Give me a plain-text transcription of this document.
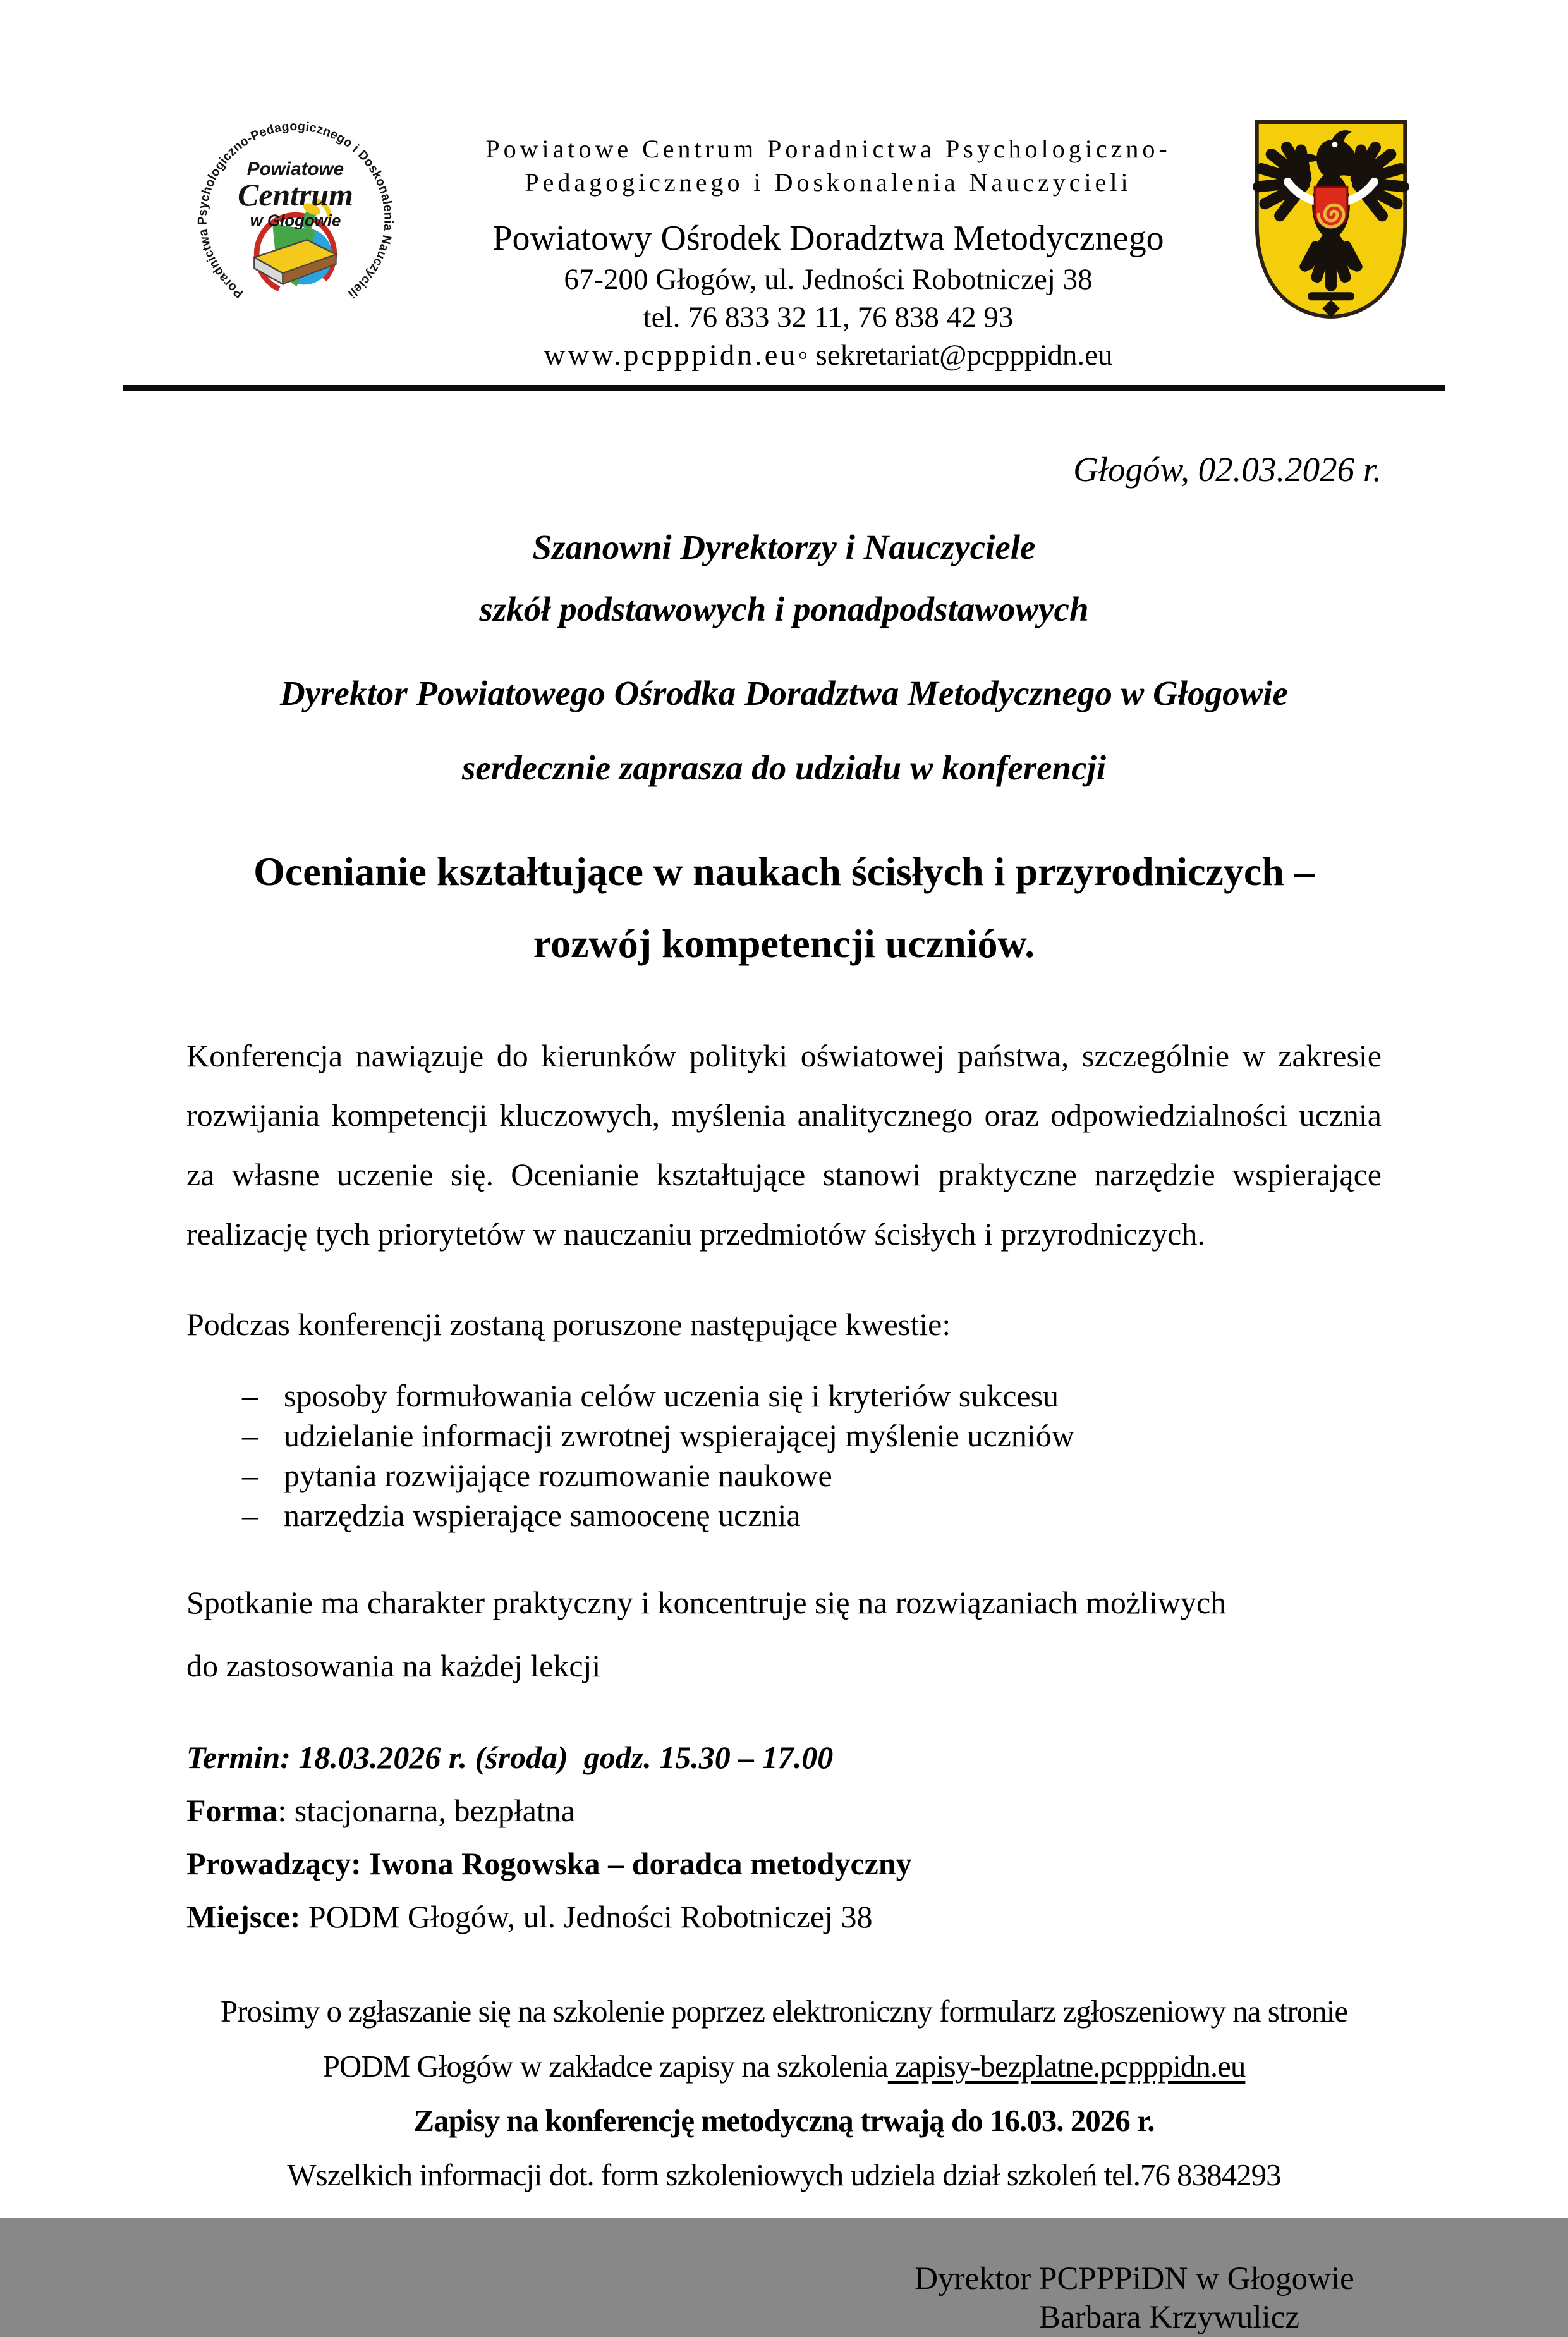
Poradnictwa Psychologiczno-Pedagogicznego i Doskonalenia Nauczycieli
Powiatowe
Centrum
w Głogowie
Powiatowe Centrum Poradnictwa Psychologiczno-
Pedagogicznego i Doskonalenia Nauczycieli
Powiatowy Ośrodek Doradztwa Metodycznego
67-200 Głogów, ul. Jedności Robotniczej 38
tel. 76 833 32 11, 76 838 42 93
www.pcpppidn.eu◦ sekretariat@pcpppidn.eu
Głogów, 02.03.2026 r.
Szanowni Dyrektorzy i Nauczyciele
szkół podstawowych i ponadpodstawowych
Dyrektor Powiatowego Ośrodka Doradztwa Metodycznego w Głogowie
serdecznie zaprasza do udziału w konferencji
Ocenianie kształtujące w naukach ścisłych i przyrodniczych –
rozwój kompetencji uczniów.

Konferencja nawiązuje do kierunków polityki oświatowej państwa, szczególnie w zakresie rozwijania kompetencji kluczowych, myślenia analitycznego oraz odpowiedzialności ucznia za własne uczenie się. Ocenianie kształtujące stanowi praktyczne narzędzie wspierające realizację tych priorytetów w nauczaniu przedmiotów ścisłych i przyrodniczych.

Podczas konferencji zostaną poruszone następujące kwestie:
– sposoby formułowania celów uczenia się i kryteriów sukcesu
– udzielanie informacji zwrotnej wspierającej myślenie uczniów
– pytania rozwijające rozumowanie naukowe
– narzędzia wspierające samoocenę ucznia
Spotkanie ma charakter praktyczny i koncentruje się na rozwiązaniach możliwych
do zastosowania na każdej lekcji
Termin: 18.03.2026 r. (środa)  godz. 15.30 – 17.00
Forma: stacjonarna, bezpłatna
Prowadzący: Iwona Rogowska – doradca metodyczny
Miejsce: PODM Głogów, ul. Jedności Robotniczej 38
Prosimy o zgłaszanie się na szkolenie poprzez elektroniczny formularz zgłoszeniowy na stronie
PODM Głogów w zakładce zapisy na szkolenia zapisy-bezplatne.pcpppidn.eu
Zapisy na konferencję metodyczną trwają do 16.03. 2026 r.
Wszelkich informacji dot. form szkoleniowych udziela dział szkoleń tel.76 8384293
Dyrektor PCPPPiDN w Głogowie
Barbara Krzywulicz
